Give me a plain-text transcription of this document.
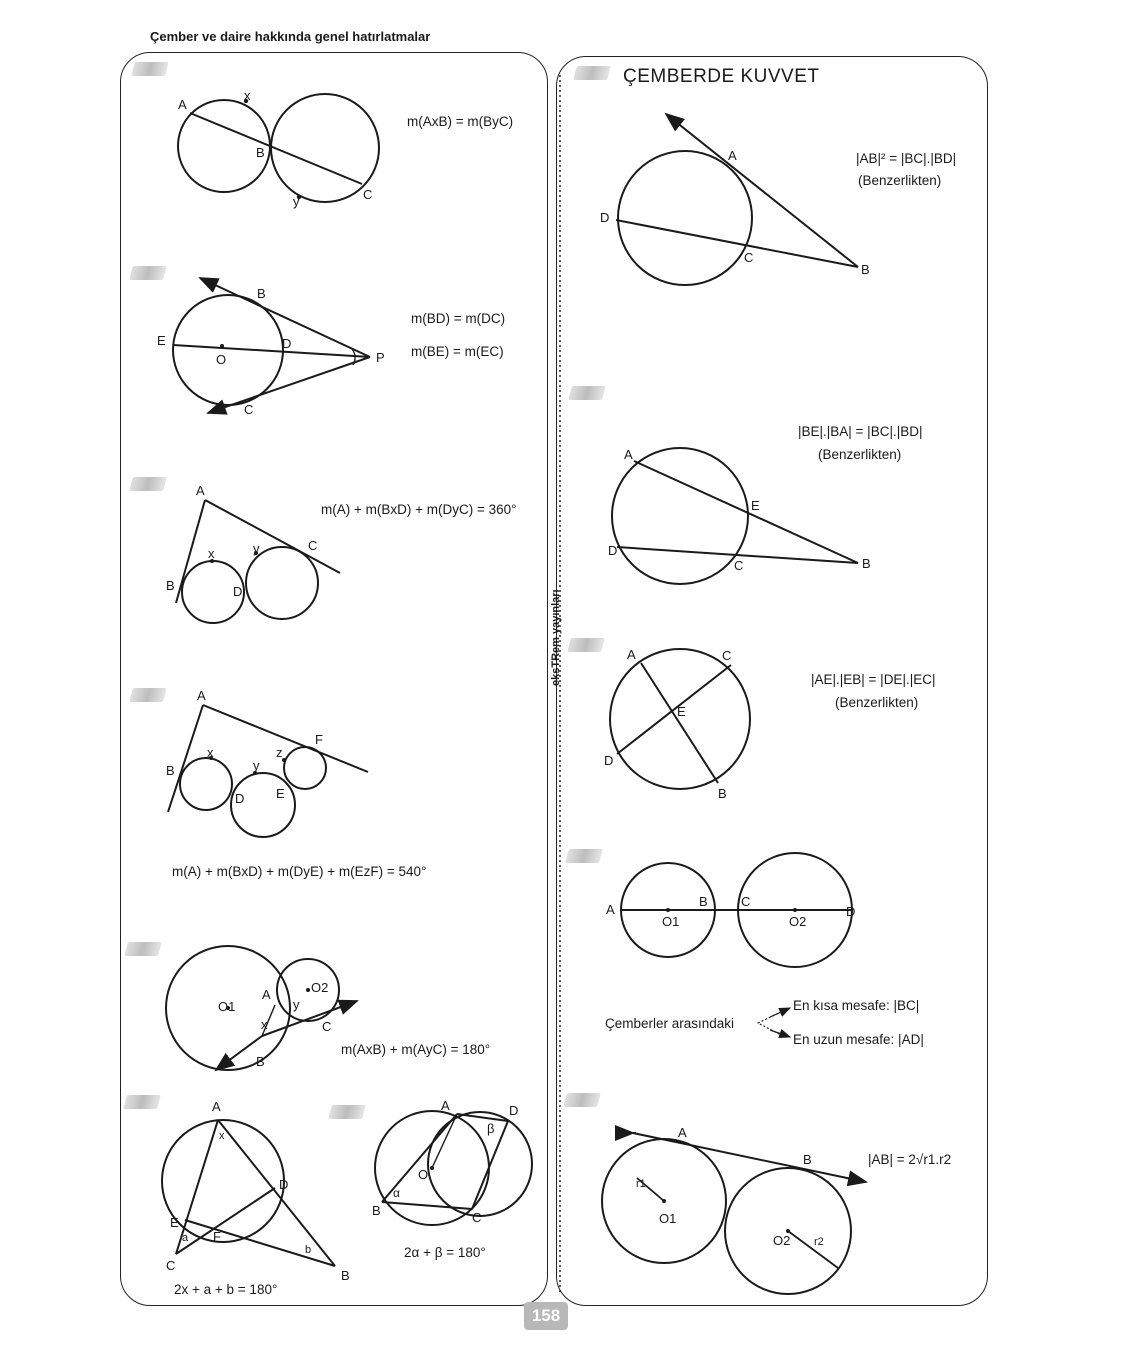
Çember ve daire hakkında genel hatırlatmalar
ÇEMBERDE KUVVET
A
x
B
y	C
m(AxB) = m(ByC)
B
E
O
D
P
C
m(BD) = m(DC)
m(BE) = m(EC)
A
x	y	C
B	D
m(A) + m(BxD) + m(DyC) = 360°
A
F
z
x
y
B
D E
m(A) + m(BxD) + m(DyE) + m(EzF) = 540°
O1
O2
A
y
x	C
B
m(AxB) + m(AyC) = 180°
A
x
D
E
a F
C
b
B
2x + a + b = 180°
A	D
β
O
α
B	C
2α + β = 180°
A
D
C
B
|AB|² = |BC|.|BD|
(Benzerlikten)
A
E
D
C	B
|BE|.|BA| = |BC|.|BD|
(Benzerlikten)
A	C
E
D
B
|AE|.|EB| = |DE|.|EC|
(Benzerlikten)
A
O1
B	C
O2
D
Çemberler arasındaki
En kısa mesafe: |BC|
En uzun mesafe: |AD|
A
B
r1
O1
O2 r2
|AB| = 2√r1.r2
eksTRem yayınları
158
